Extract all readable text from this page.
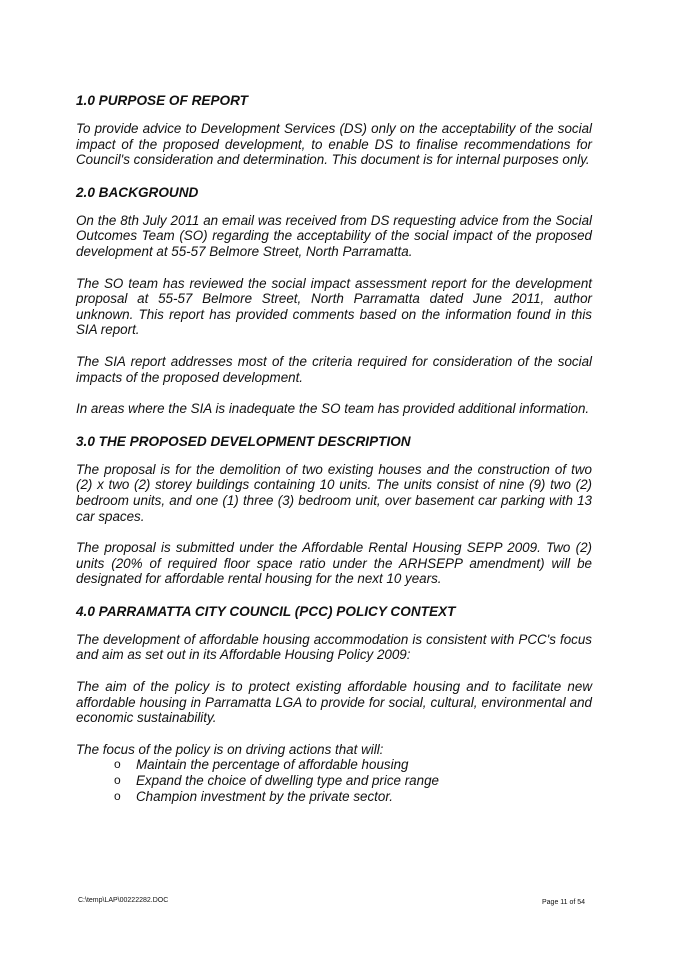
1.0 PURPOSE OF REPORT

To provide advice to Development Services (DS) only on the acceptability of the social impact of the proposed development, to enable DS to finalise recommendations for Council's consideration and determination. This document is for internal purposes only.

2.0 BACKGROUND

On the 8th July 2011 an email was received from DS requesting advice from the Social Outcomes Team (SO) regarding the acceptability of the social impact of the proposed development at 55-57 Belmore Street, North Parramatta.

The SO team has reviewed the social impact assessment report for the development proposal at 55-57 Belmore Street, North Parramatta dated June 2011, author unknown. This report has provided comments based on the information found in this SIA report.

The SIA report addresses most of the criteria required for consideration of the social impacts of the proposed development.

In areas where the SIA is inadequate the SO team has provided additional information.

3.0 THE PROPOSED DEVELOPMENT DESCRIPTION

The proposal is for the demolition of two existing houses and the construction of two (2) x two (2) storey buildings containing 10 units. The units consist of nine (9) two (2) bedroom units, and one (1) three (3) bedroom unit, over basement car parking with 13 car spaces.

The proposal is submitted under the Affordable Rental Housing SEPP 2009. Two (2) units (20% of required floor space ratio under the ARHSEPP amendment) will be designated for affordable rental housing for the next 10 years.

4.0 PARRAMATTA CITY COUNCIL (PCC) POLICY CONTEXT

The development of affordable housing accommodation is consistent with PCC's focus and aim as set out in its Affordable Housing Policy 2009:

The aim of the policy is to protect existing affordable housing and to facilitate new affordable housing in Parramatta LGA to provide for social, cultural, environmental and economic sustainability.

The focus of the policy is on driving actions that will:

o Maintain the percentage of affordable housing
o Expand the choice of dwelling type and price range
o Champion investment by the private sector.
C:\temp\LAP\00222282.DOC	Page 11 of 54
